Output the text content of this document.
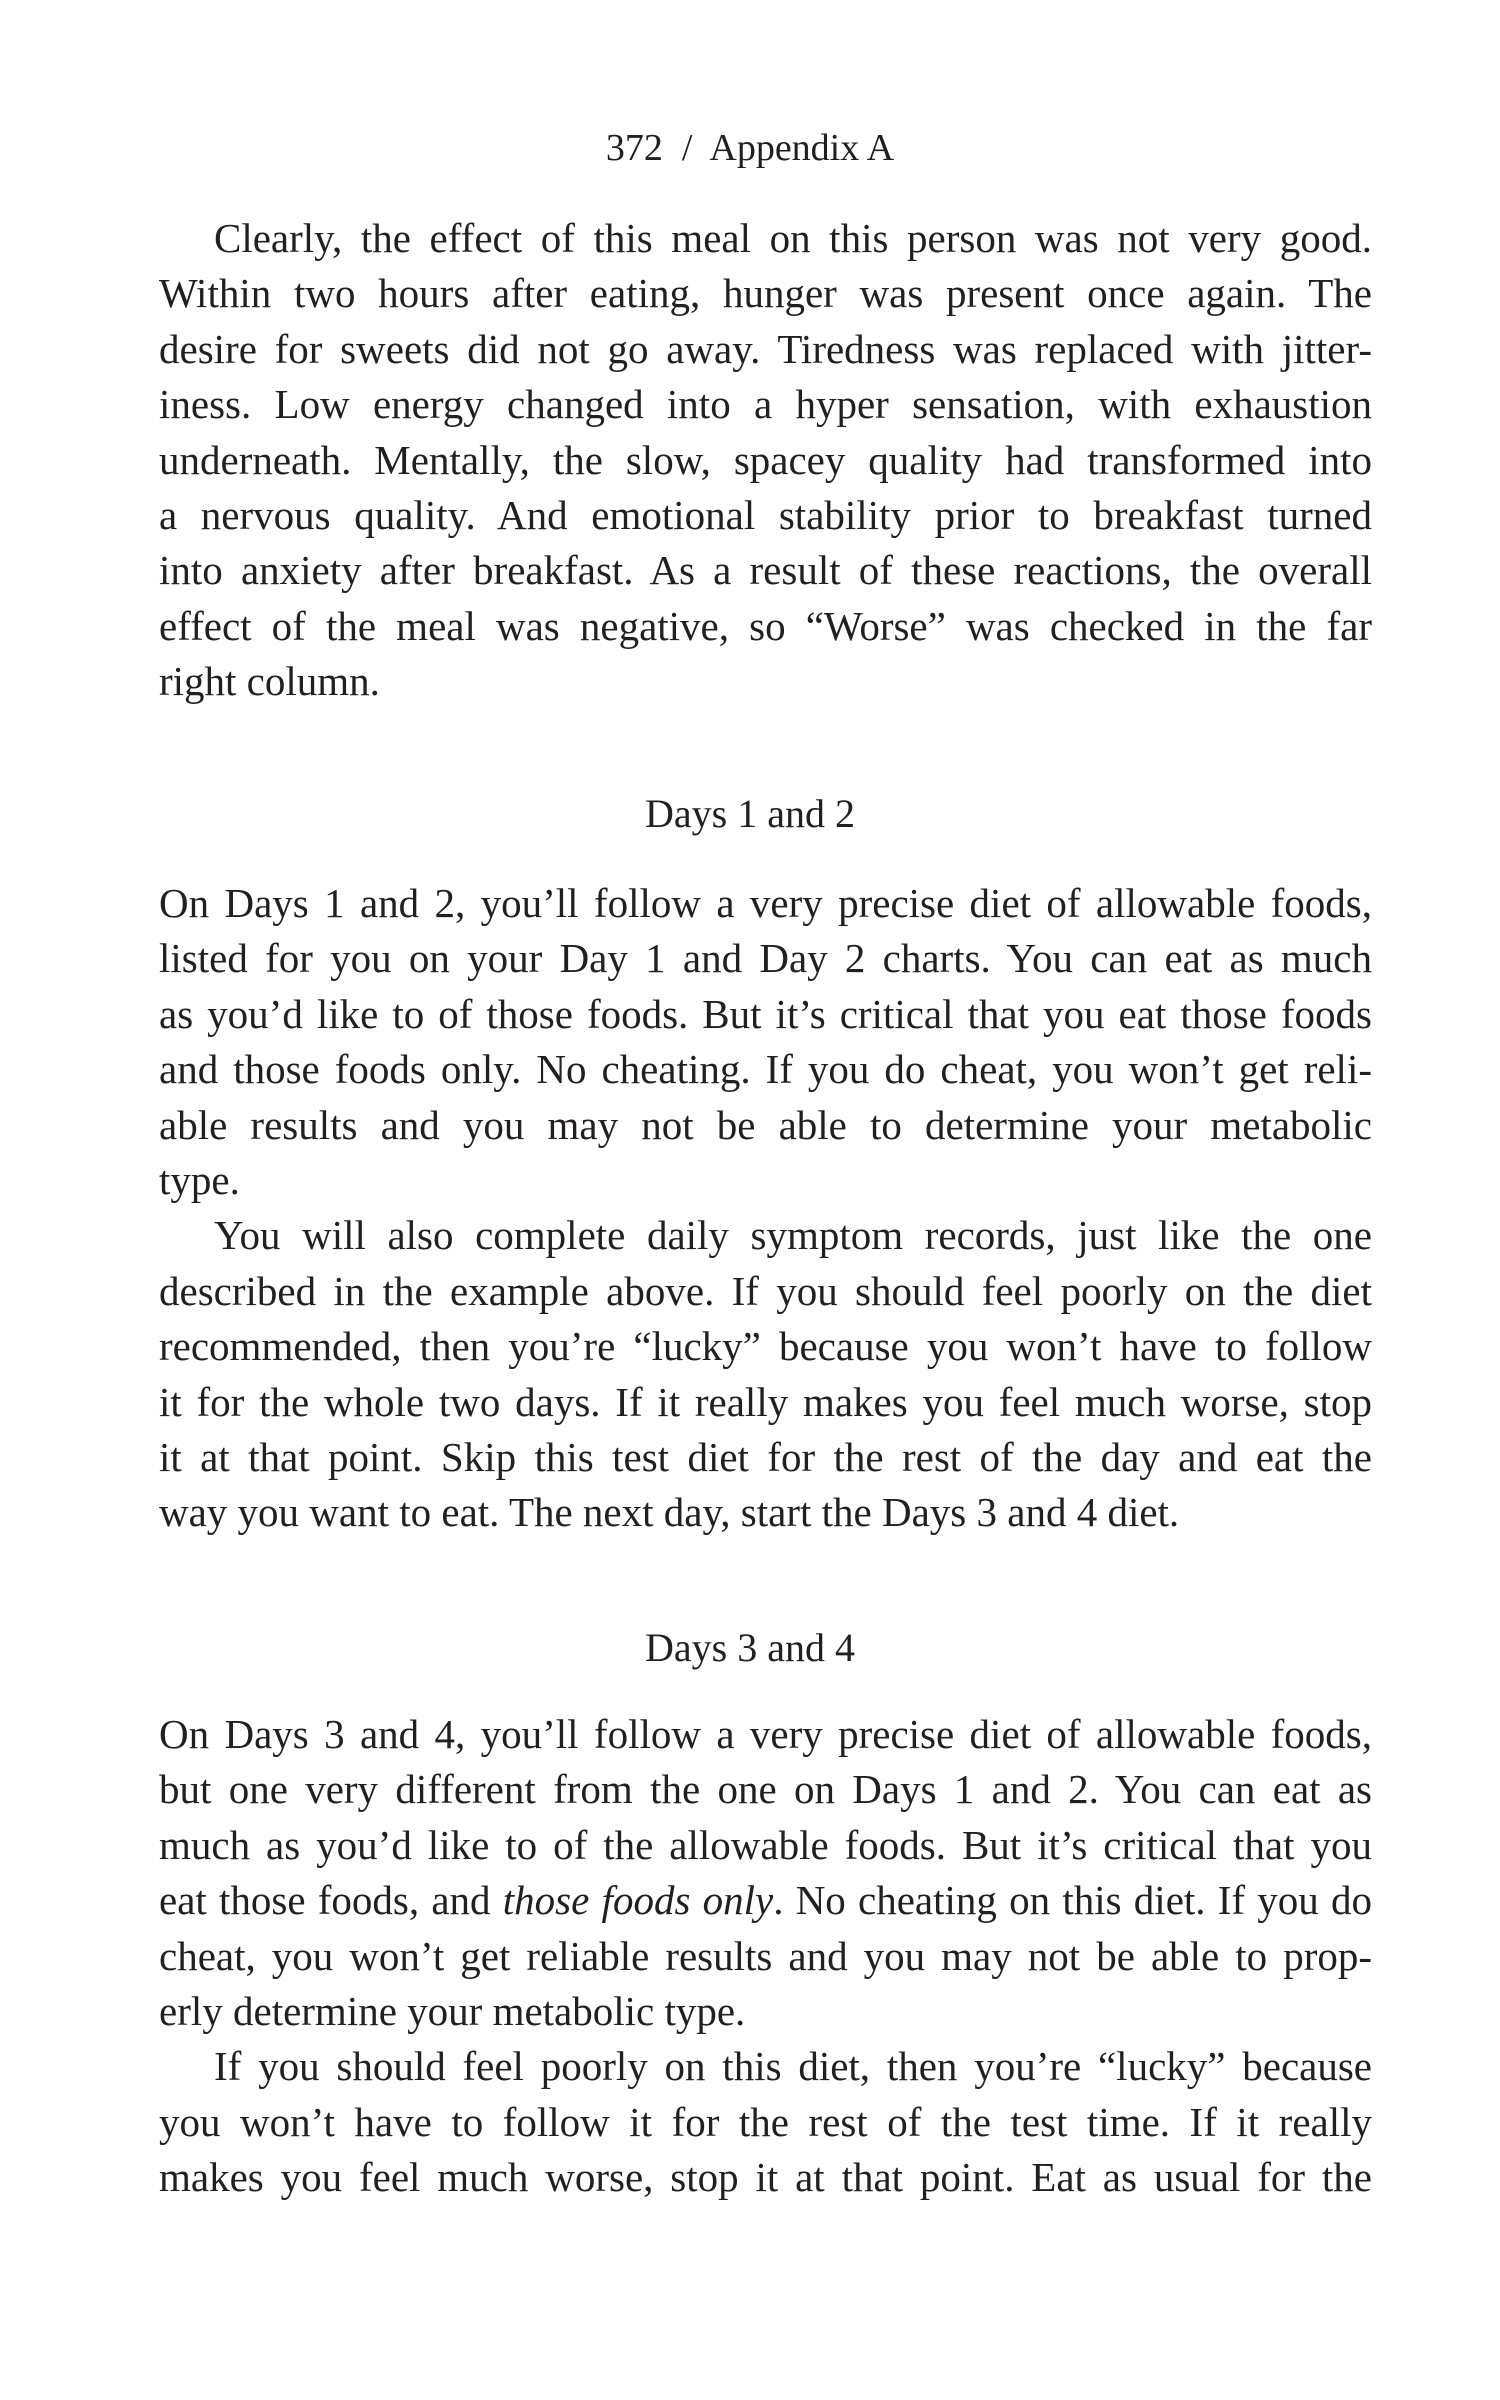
372 / Appendix A
Clearly, the effect of this meal on this person was not very good.
Within two hours after eating, hunger was present once again. The
desire for sweets did not go away. Tiredness was replaced with jitter-
iness. Low energy changed into a hyper sensation, with exhaustion
underneath. Mentally, the slow, spacey quality had transformed into
a nervous quality. And emotional stability prior to breakfast turned
into anxiety after breakfast. As a result of these reactions, the overall
effect of the meal was negative, so “Worse” was checked in the far
right column.
Days 1 and 2
On Days 1 and 2, you’ll follow a very precise diet of allowable foods,
listed for you on your Day 1 and Day 2 charts. You can eat as much
as you’d like to of those foods. But it’s critical that you eat those foods
and those foods only. No cheating. If you do cheat, you won’t get reli-
able results and you may not be able to determine your metabolic
type.
You will also complete daily symptom records, just like the one
described in the example above. If you should feel poorly on the diet
recommended, then you’re “lucky” because you won’t have to follow
it for the whole two days. If it really makes you feel much worse, stop
it at that point. Skip this test diet for the rest of the day and eat the
way you want to eat. The next day, start the Days 3 and 4 diet.
Days 3 and 4
On Days 3 and 4, you’ll follow a very precise diet of allowable foods,
but one very different from the one on Days 1 and 2. You can eat as
much as you’d like to of the allowable foods. But it’s critical that you
eat those foods, and those foods only. No cheating on this diet. If you do
cheat, you won’t get reliable results and you may not be able to prop-
erly determine your metabolic type.
If you should feel poorly on this diet, then you’re “lucky” because
you won’t have to follow it for the rest of the test time. If it really
makes you feel much worse, stop it at that point. Eat as usual for the
